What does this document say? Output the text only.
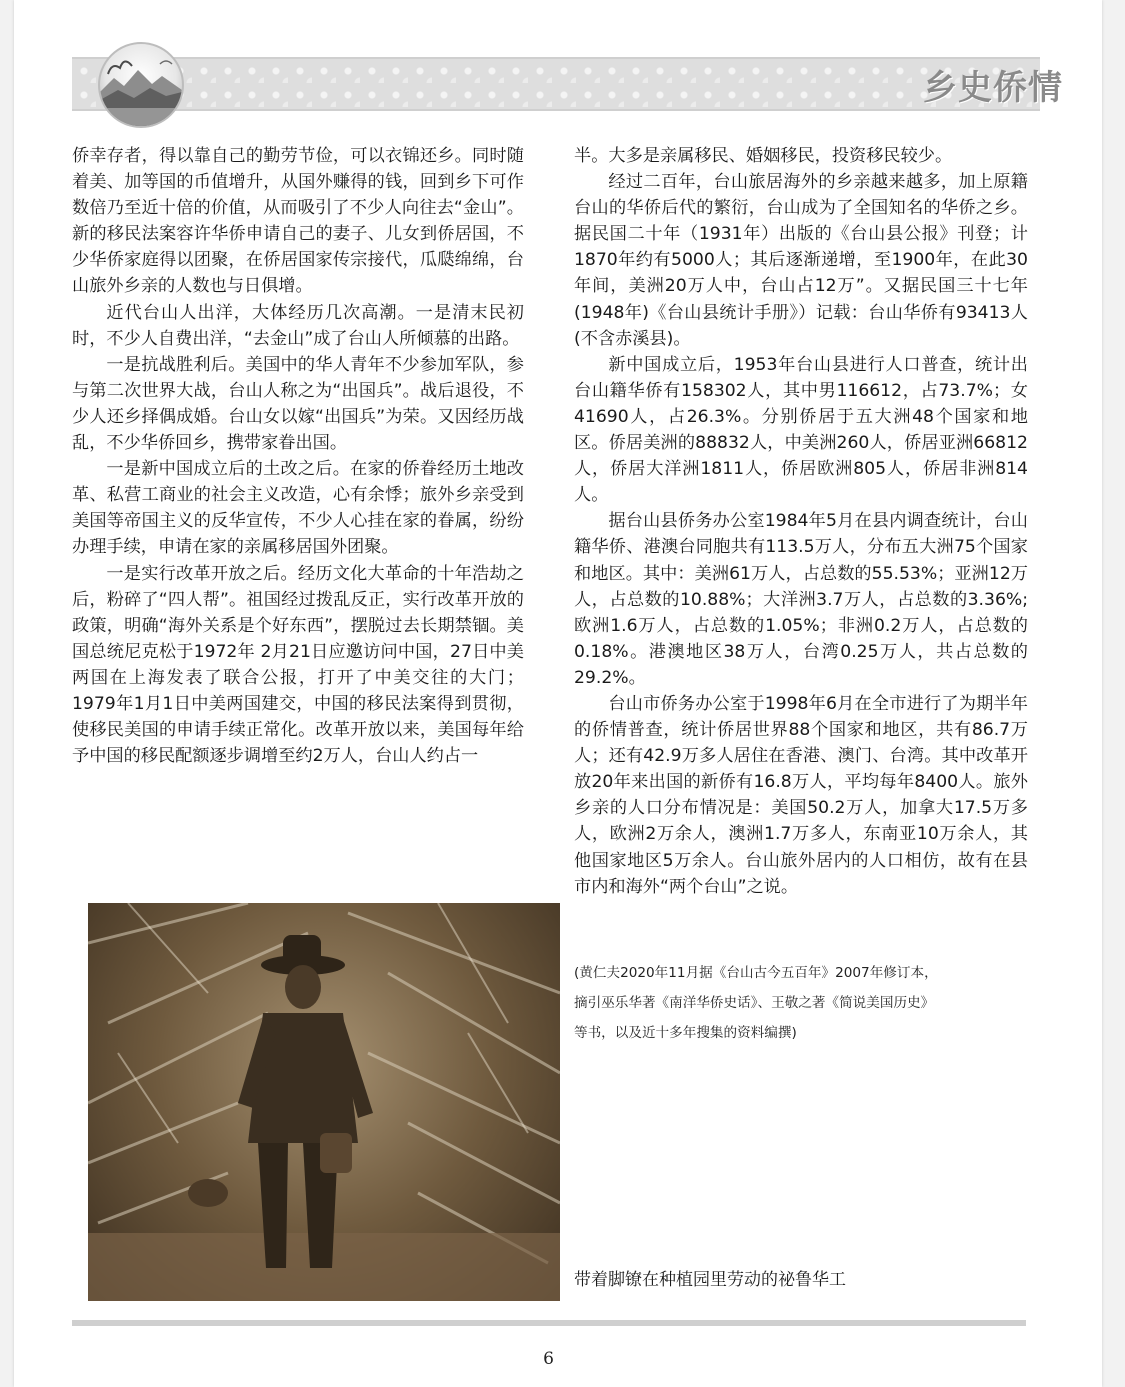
乡史侨情

侨幸存者，得以靠自己的勤劳节俭，可以衣锦还乡。同时随着美、加等国的币值增升，从国外赚得的钱，回到乡下可作数倍乃至近十倍的价值，从而吸引了不少人向往去“金山”。新的移民法案容许华侨申请自己的妻子、儿女到侨居国，不少华侨家庭得以团聚，在侨居国家传宗接代，瓜瓞绵绵，台山旅外乡亲的人数也与日俱增。

近代台山人出洋，大体经历几次高潮。一是清末民初时，不少人自费出洋，“去金山”成了台山人所倾慕的出路。

一是抗战胜利后。美国中的华人青年不少参加军队，参与第二次世界大战，台山人称之为“出国兵”。战后退役，不少人还乡择偶成婚。台山女以嫁“出国兵”为荣。又因经历战乱，不少华侨回乡，携带家眷出国。

一是新中国成立后的土改之后。在家的侨眷经历土地改革、私营工商业的社会主义改造，心有余悸；旅外乡亲受到美国等帝国主义的反华宣传，不少人心挂在家的眷属，纷纷办理手续，申请在家的亲属移居国外团聚。

一是实行改革开放之后。经历文化大革命的十年浩劫之后，粉碎了“四人帮”。祖国经过拨乱反正，实行改革开放的政策，明确“海外关系是个好东西”，摆脱过去长期禁锢。美国总统尼克松于1972年 2月21日应邀访问中国，27日中美两国在上海发表了联合公报，打开了中美交往的大门；1979年1月1日中美两国建交，中国的移民法案得到贯彻，使移民美国的申请手续正常化。改革开放以来，美国每年给予中国的移民配额逐步调增至约2万人，台山人约占一

半。大多是亲属移民、婚姻移民，投资移民较少。

经过二百年，台山旅居海外的乡亲越来越多，加上原籍台山的华侨后代的繁衍，台山成为了全国知名的华侨之乡。据民国二十年（1931年）出版的《台山县公报》刊登；计1870年约有5000人；其后逐渐递增，至1900年，在此30年间，美洲20万人中，台山占12万”。又据民国三十七年(1948年)《台山县统计手册》）记载：台山华侨有93413人(不含赤溪县)。

新中国成立后，1953年台山县进行人口普查，统计出台山籍华侨有158302人，其中男116612，占73.7%；女41690人，占26.3%。分别侨居于五大洲48个国家和地区。侨居美洲的88832人，中美洲260人，侨居亚洲66812人，侨居大洋洲1811人，侨居欧洲805人，侨居非洲814人。

据台山县侨务办公室1984年5月在县内调查统计，台山籍华侨、港澳台同胞共有113.5万人，分布五大洲75个国家和地区。其中：美洲61万人，占总数的55.53%；亚洲12万人，占总数的10.88%；大洋洲3.7万人，占总数的3.36%;欧洲1.6万人，占总数的1.05%；非洲0.2万人，占总数的0.18%。港澳地区38万人，台湾0.25万人，共占总数的29.2%。

台山市侨务办公室于1998年6月在全市进行了为期半年的侨情普查，统计侨居世界88个国家和地区，共有86.7万人；还有42.9万多人居住在香港、澳门、台湾。其中改革开放20年来出国的新侨有16.8万人，平均每年8400人。旅外乡亲的人口分布情况是：美国50.2万人，加拿大17.5万多人，欧洲2万余人，澳洲1.7万多人，东南亚10万余人，其他国家地区5万余人。台山旅外居内的人口相仿，故有在县市内和海外“两个台山”之说。

(黄仁夫2020年11月据《台山古今五百年》2007年修订本，
摘引巫乐华著《南洋华侨史话》、王敬之著《简说美国历史》
等书，以及近十多年搜集的资料编撰)
带着脚镣在种植园里劳动的祕鲁华工
6
